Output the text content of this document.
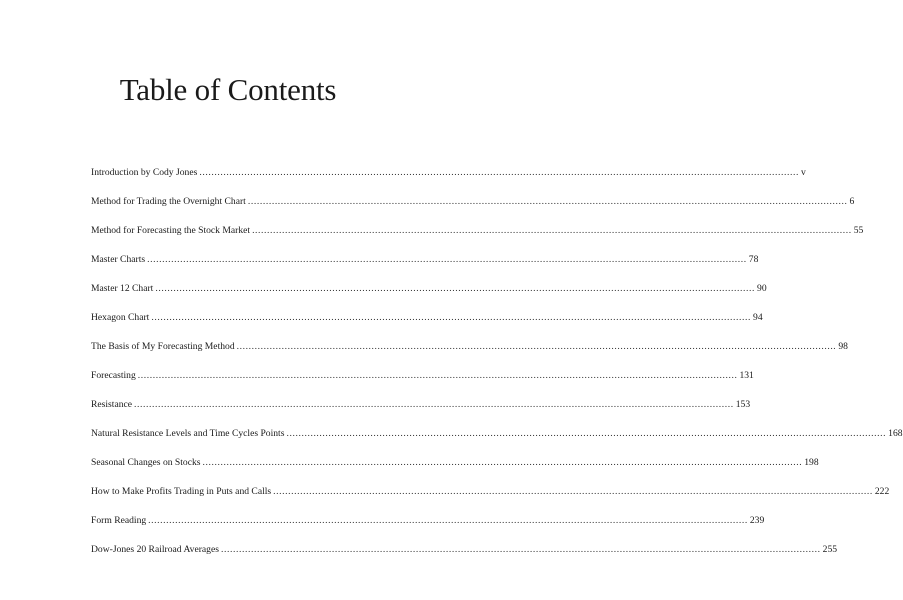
Table of Contents
Introduction by Cody Jones ........................................................................................................................................................................................................ v
Method for Trading the Overnight Chart ........................................................................................................................................................................................................ 6
Method for Forecasting the Stock Market ........................................................................................................................................................................................................ 55
Master Charts ........................................................................................................................................................................................................ 78
Master 12 Chart ........................................................................................................................................................................................................ 90
Hexagon Chart ........................................................................................................................................................................................................ 94
The Basis of My Forecasting Method ........................................................................................................................................................................................................ 98
Forecasting ........................................................................................................................................................................................................ 131
Resistance ........................................................................................................................................................................................................ 153
Natural Resistance Levels and Time Cycles Points ........................................................................................................................................................................................................ 168
Seasonal Changes on Stocks ........................................................................................................................................................................................................ 198
How to Make Profits Trading in Puts and Calls ........................................................................................................................................................................................................ 222
Form Reading ........................................................................................................................................................................................................ 239
Dow-Jones 20 Railroad Averages ........................................................................................................................................................................................................ 255
